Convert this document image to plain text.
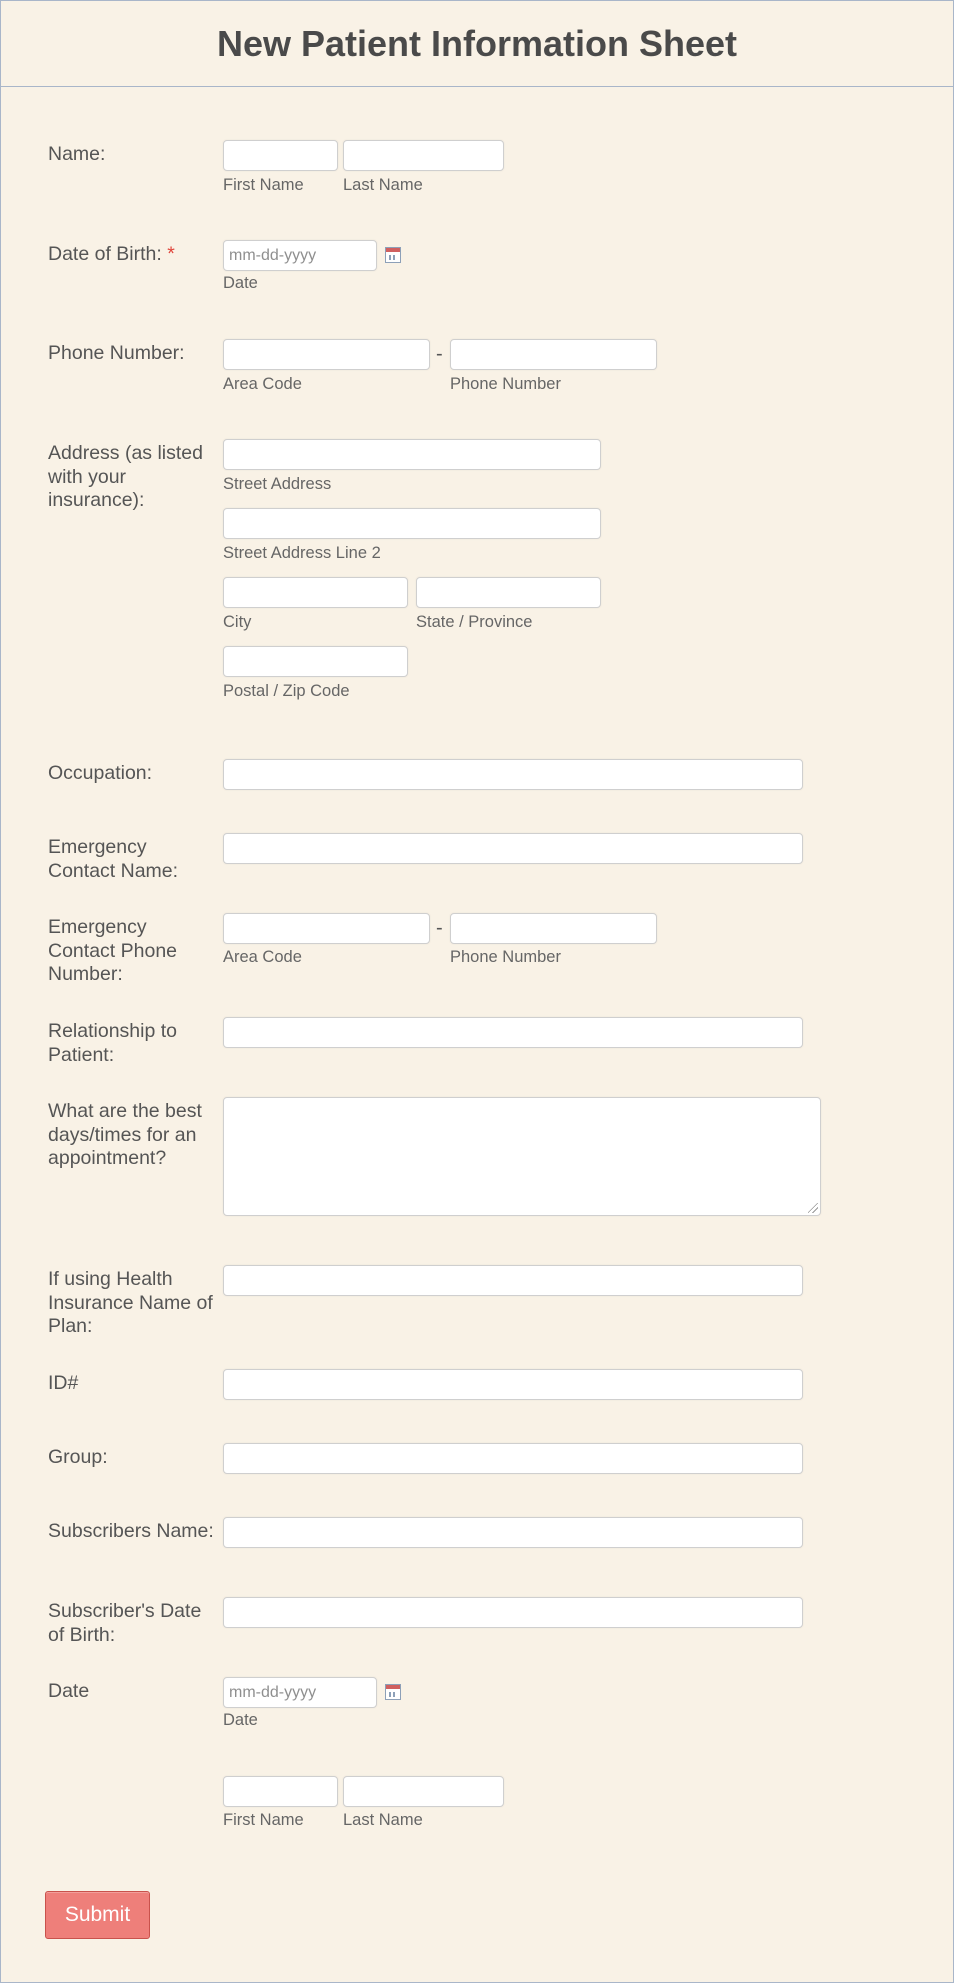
New Patient Information Sheet
Name:
First Name Last Name
Date of Birth: *
mm-dd-yyyy
Date
Phone Number:	-
Area Code	Phone Number
Address (as listed with your insurance):
Street Address
Street Address Line 2
City	State / Province
Postal / Zip Code
Occupation:
Emergency Contact Name:
Emergency Contact Phone Number:
-
Area Code	Phone Number
Relationship to Patient:
What are the best days/times for an appointment?
If using Health Insurance Name of Plan:
ID#
Group:
Subscribers Name:
Subscriber's Date of Birth:
Date
mm-dd-yyyy
Date
First Name Last Name
Submit
